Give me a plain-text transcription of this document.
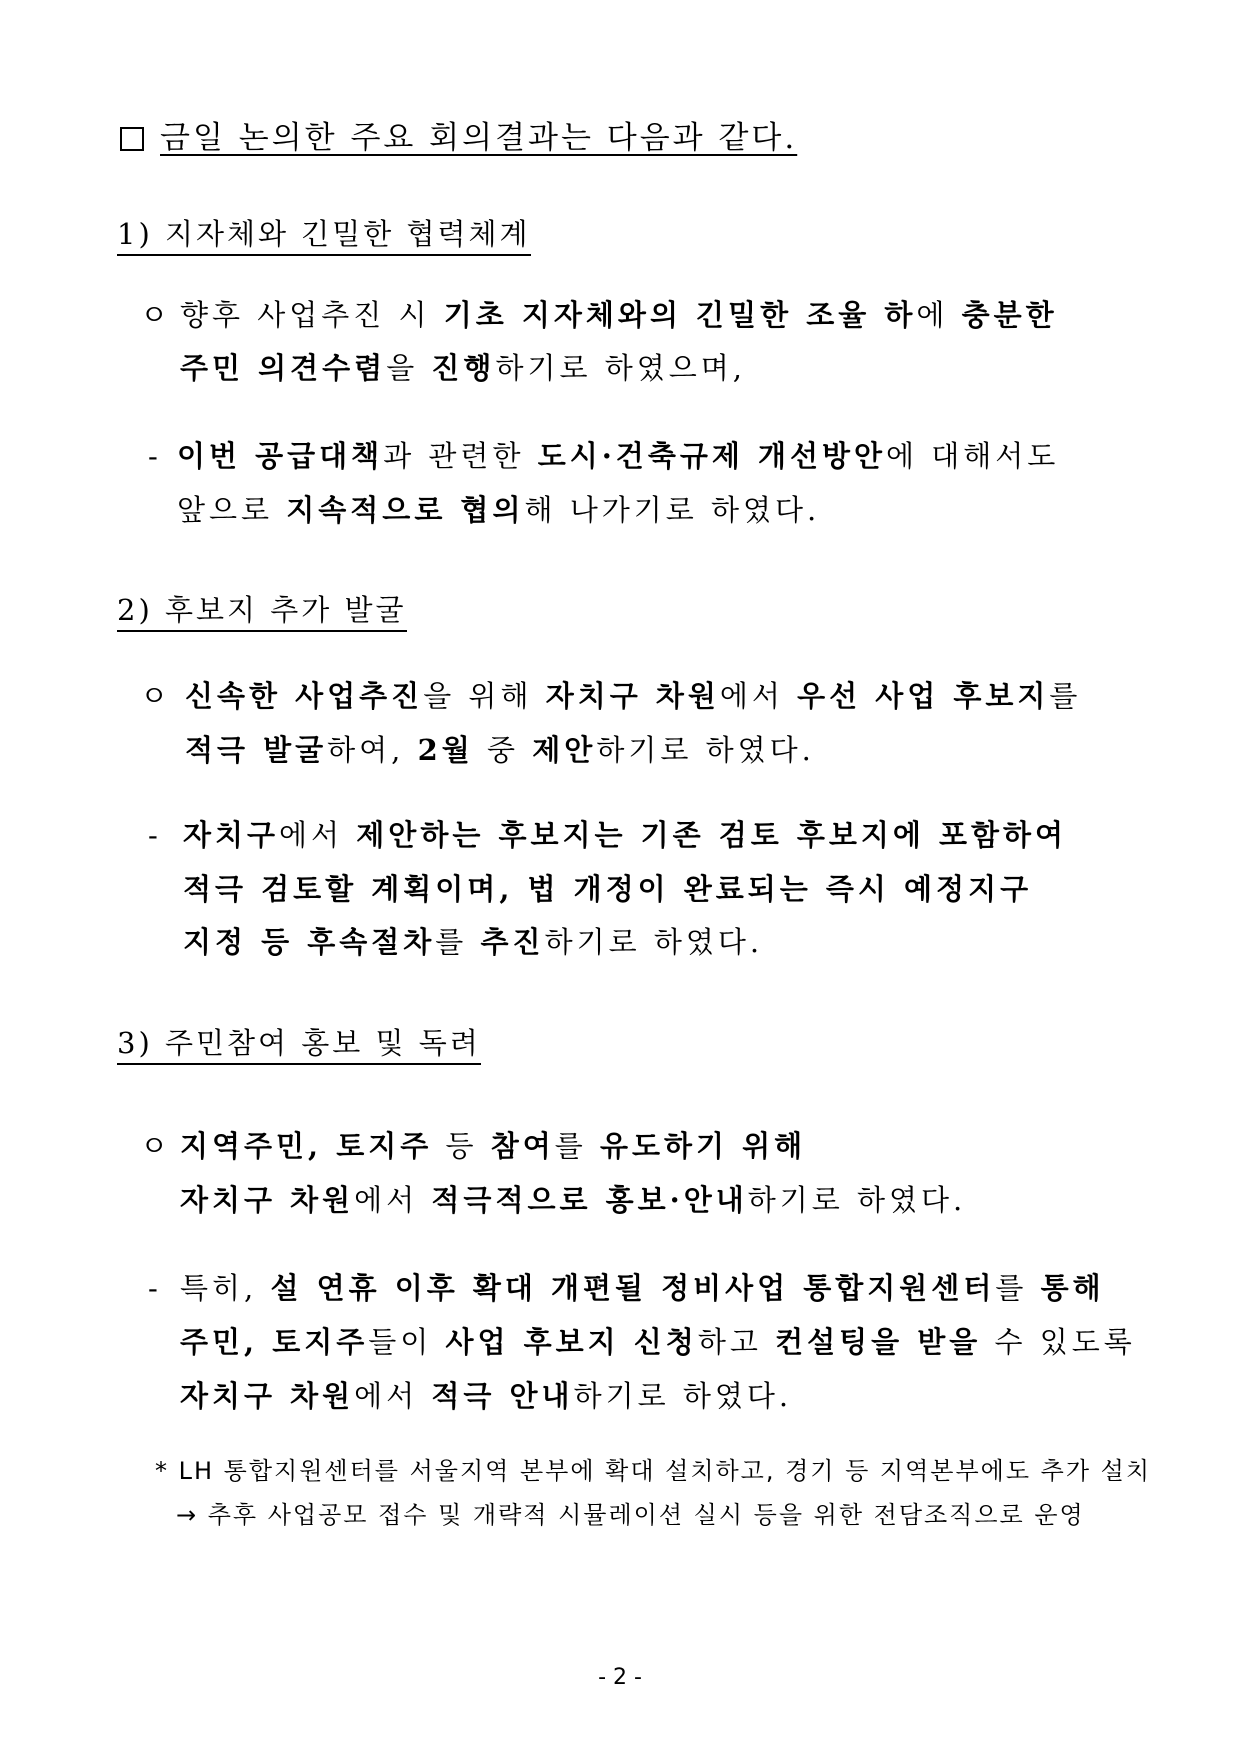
금일 논의한 주요 회의결과는 다음과 같다.
1) 지자체와 긴밀한 협력체계
ㅇ 향후 사업추진 시 기초 지자체와의 긴밀한 조율 하에 충분한
주민 의견수렴을 진행하기로 하였으며,
- 이번 공급대책과 관련한 도시·건축규제 개선방안에 대해서도
앞으로 지속적으로 협의해 나가기로 하였다.
2) 후보지 추가 발굴
ㅇ 신속한 사업추진을 위해 자치구 차원에서 우선 사업 후보지를
적극 발굴하여, 2월 중 제안하기로 하였다.
- 자치구에서 제안하는 후보지는 기존 검토 후보지에 포함하여
적극 검토할 계획이며, 법 개정이 완료되는 즉시 예정지구
지정 등 후속절차를 추진하기로 하였다.
3) 주민참여 홍보 및 독려
ㅇ 지역주민, 토지주 등 참여를 유도하기 위해
자치구 차원에서 적극적으로 홍보·안내하기로 하였다.
- 특히, 설 연휴 이후 확대 개편될 정비사업 통합지원센터를 통해
주민, 토지주들이 사업 후보지 신청하고 컨설팅을 받을 수 있도록
자치구 차원에서 적극 안내하기로 하였다.
* LH 통합지원센터를 서울지역 본부에 확대 설치하고, 경기 등 지역본부에도 추가 설치
→ 추후 사업공모 접수 및 개략적 시뮬레이션 실시 등을 위한 전담조직으로 운영
- 2 -
